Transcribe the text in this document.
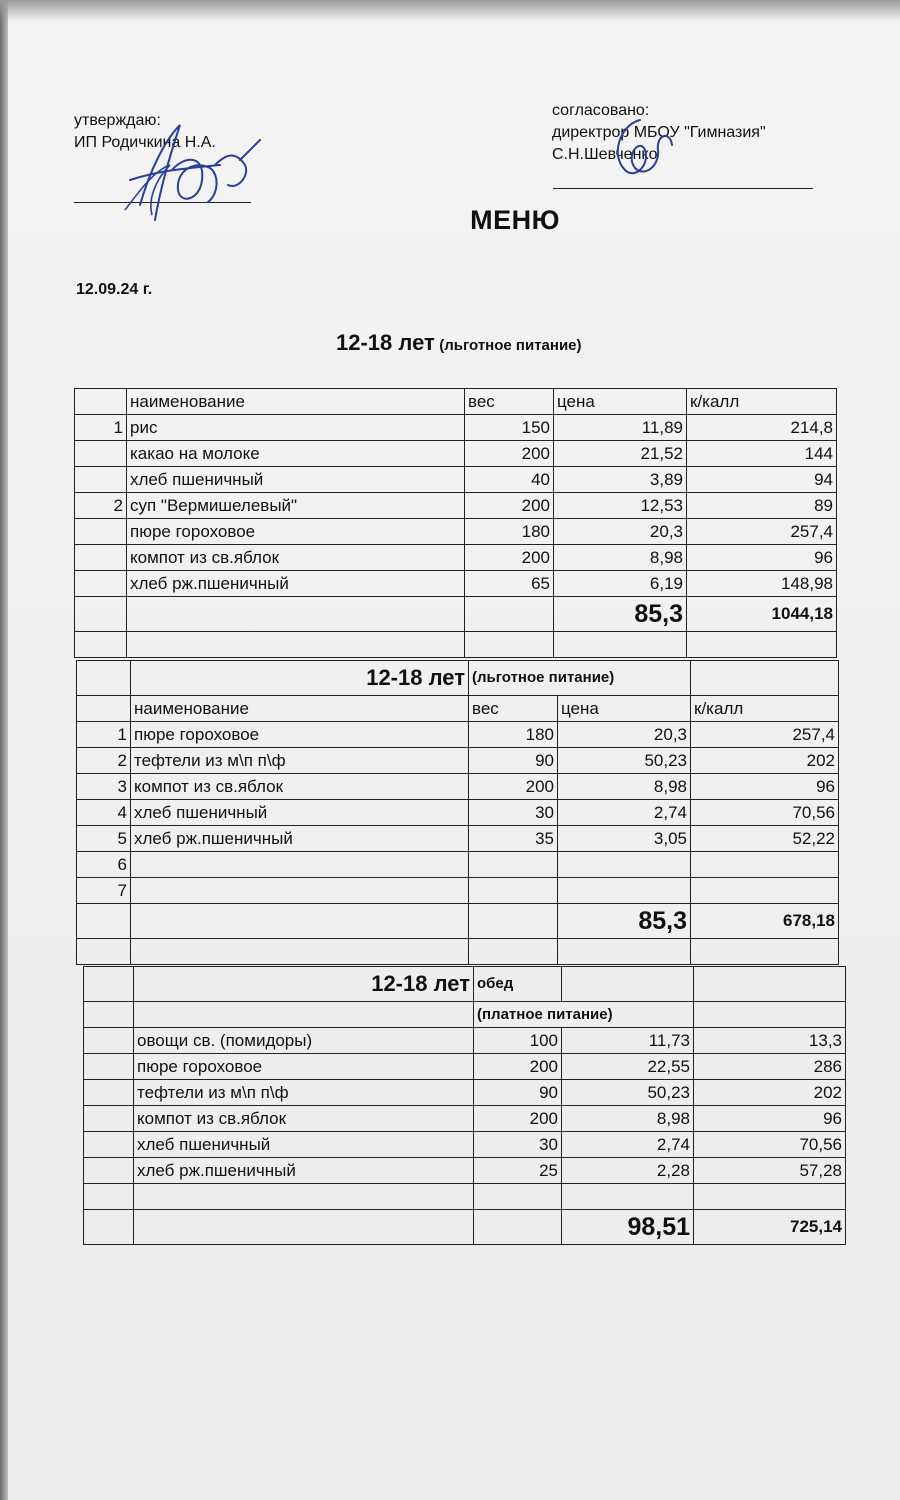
утверждаю:
ИП Родичкина Н.А.
согласовано:
директрор МБОУ "Гимназия"
С.Н.Шевченко
МЕНЮ
12.09.24 г.
12-18 лет (льготное питание)
	наименование	вес	цена	к/калл
1	рис	150	11,89	214,8
	какао на молоке	200	21,52	144
	хлеб пшеничный	40	3,89	94
2	суп "Вермишелевый"	200	12,53	89
	пюре гороховое	180	20,3	257,4
	компот из св.яблок	200	8,98	96
	хлеб рж.пшеничный	65	6,19	148,98
			85,3	1044,18

	12-18 лет	(льготное питание)		
	наименование	вес	цена	к/калл
1	пюре гороховое	180	20,3	257,4
2	тефтели из м\п п\ф	90	50,23	202
3	компот из св.яблок	200	8,98	96
4	хлеб пшеничный	30	2,74	70,56
5	хлеб рж.пшеничный	35	3,05	52,22
6				
7				
			85,3	678,18

	12-18 лет	обед		
		(платное питание)		
	овощи св. (помидоры)	100	11,73	13,3
	пюре гороховое	200	22,55	286
	тефтели из м\п п\ф	90	50,23	202
	компот из св.яблок	200	8,98	96
	хлеб пшеничный	30	2,74	70,56
	хлеб рж.пшеничный	25	2,28	57,28

			98,51	725,14
